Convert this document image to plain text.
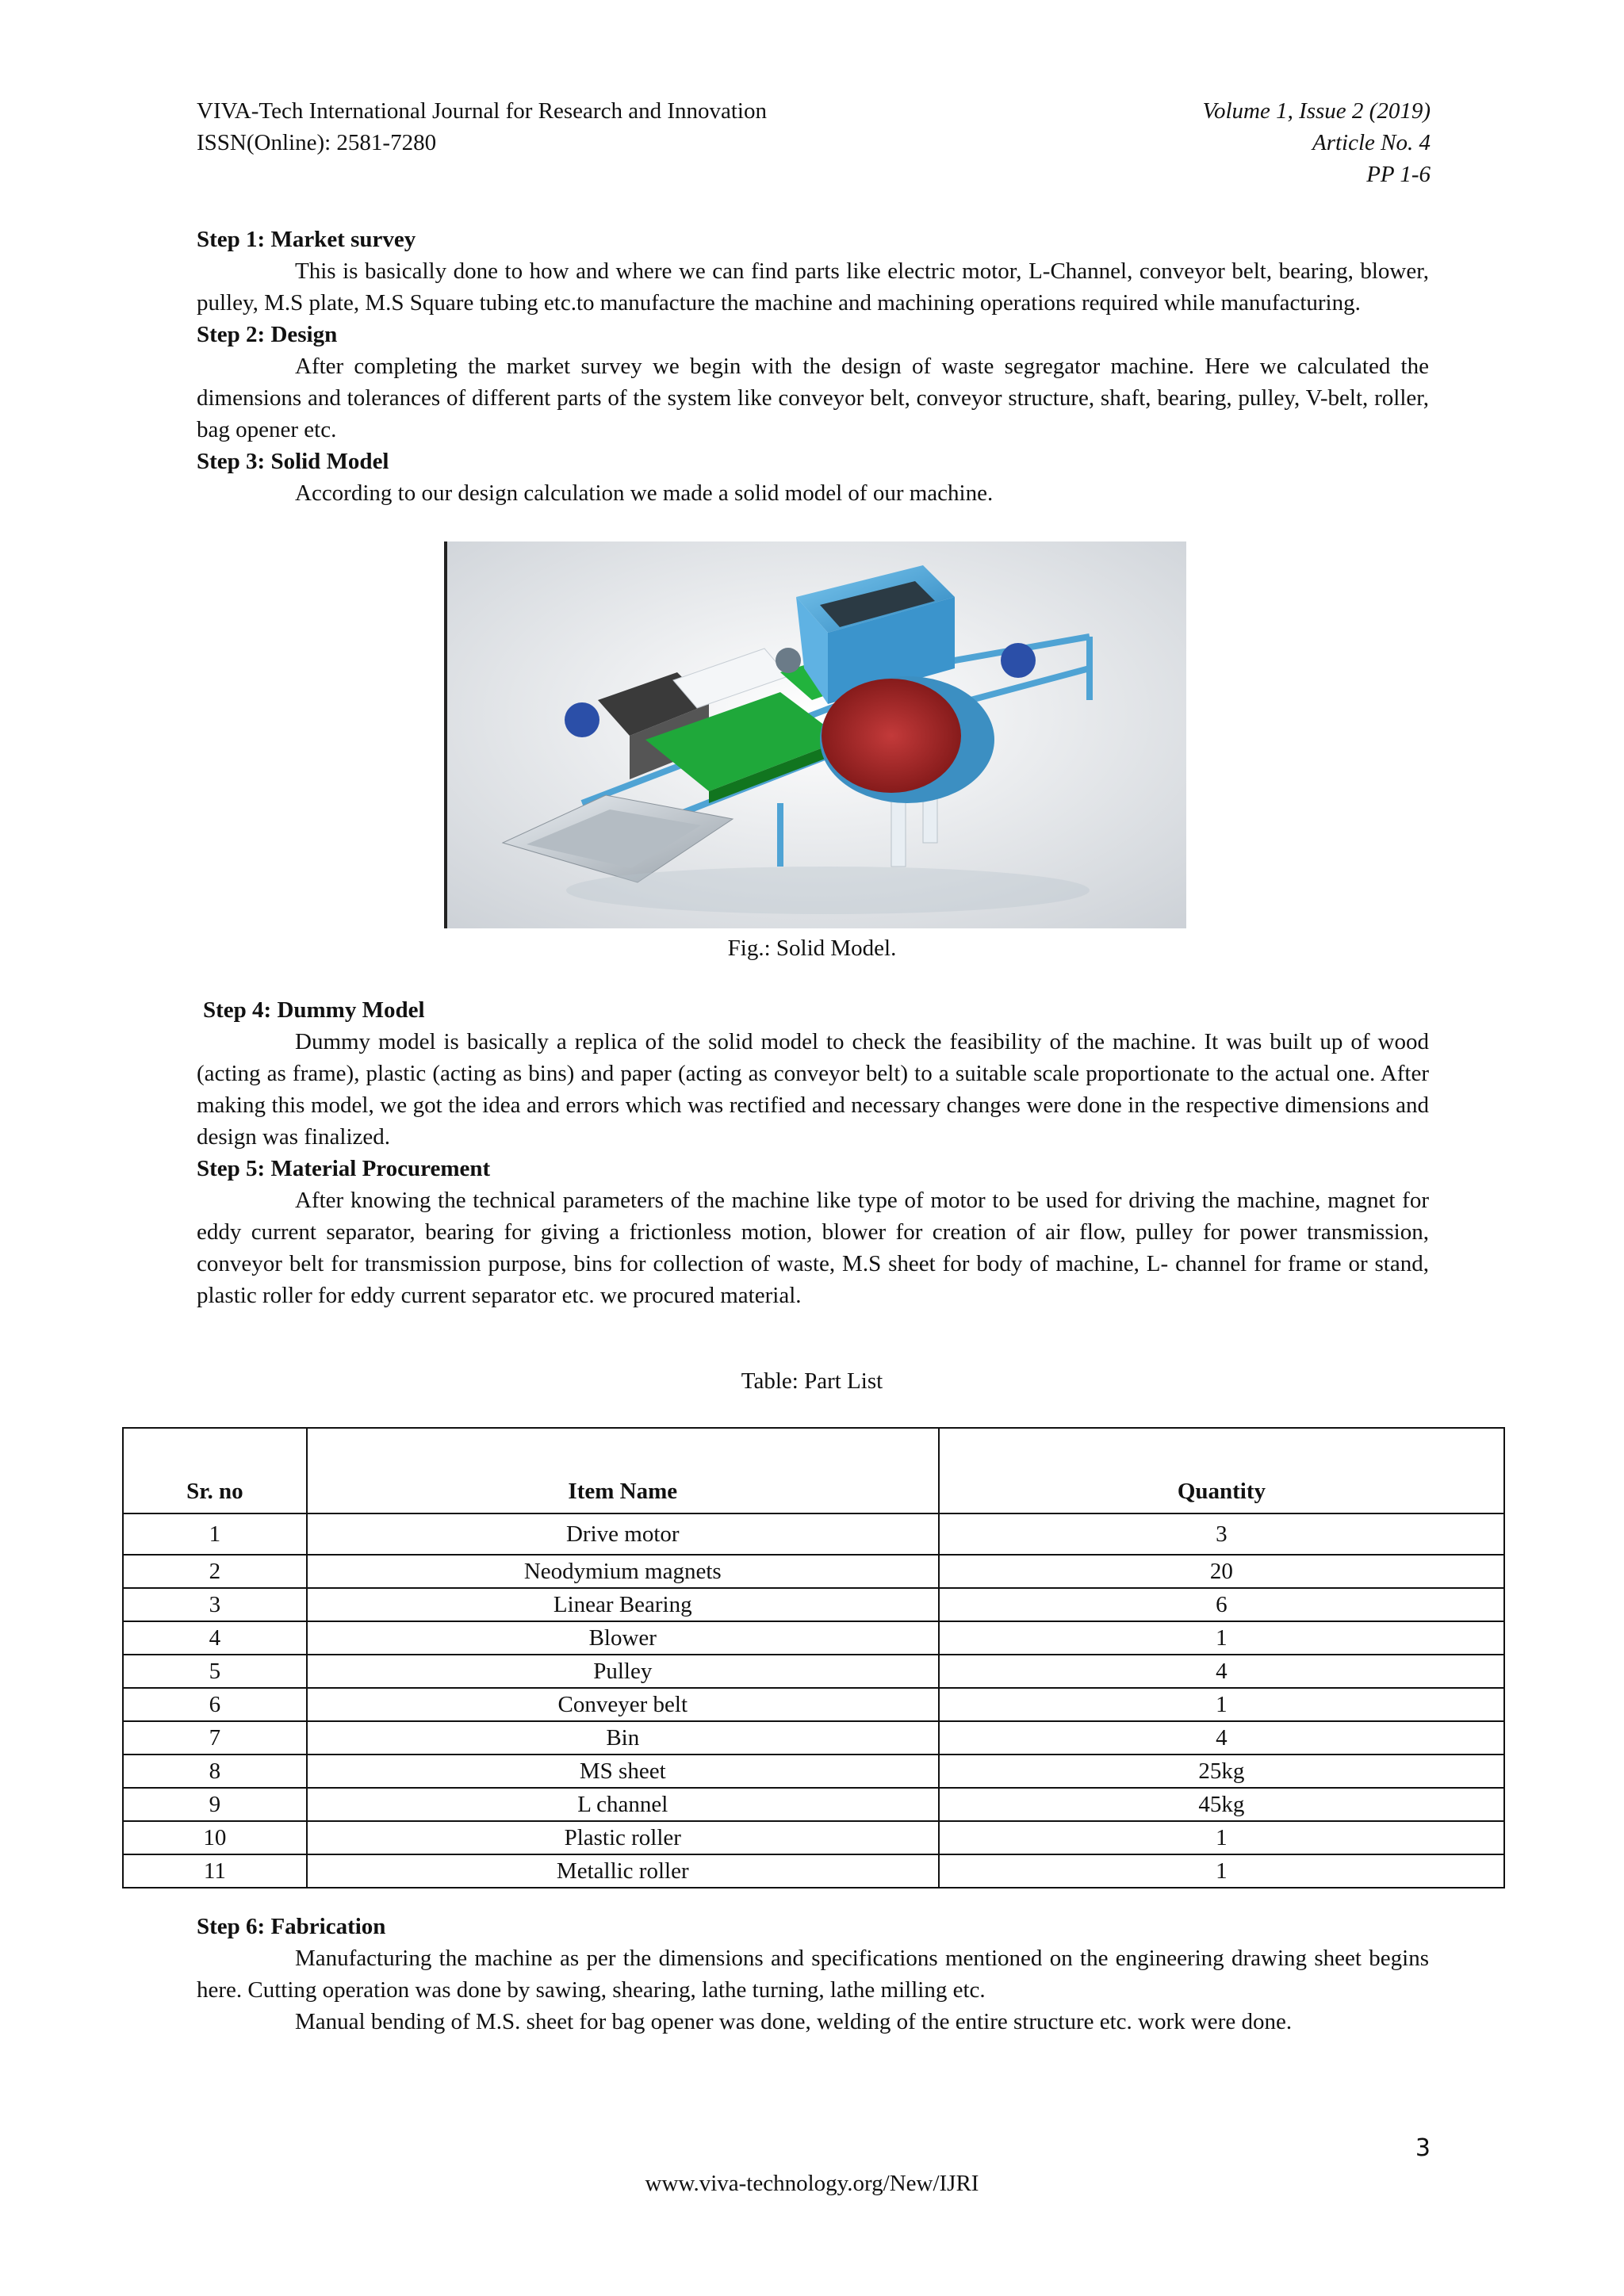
VIVA-Tech International Journal for Research and Innovation
ISSN(Online): 2581-7280
Volume 1, Issue 2 (2019)
Article No. 4
PP 1-6
Step 1: Market survey

This is basically done to how and where we can find parts like electric motor, L-Channel, conveyor belt, bearing, blower, pulley, M.S plate, M.S Square tubing etc.to manufacture the machine and machining operations required while manufacturing.

Step 2: Design

After completing the market survey we begin with the design of waste segregator machine. Here we calculated the dimensions and tolerances of different parts of the system like conveyor belt, conveyor structure, shaft, bearing, pulley, V-belt, roller, bag opener etc.

Step 3: Solid Model

According to our design calculation we made a solid model of our machine.

Fig.: Solid Model.
Step 4: Dummy Model

Dummy model is basically a replica of the solid model to check the feasibility of the machine. It was built up of wood (acting as frame), plastic (acting as bins) and paper (acting as conveyor belt) to a suitable scale proportionate to the actual one. After making this model, we got the idea and errors which was rectified and necessary changes were done in the respective dimensions and design was finalized.

Step 5: Material Procurement

After knowing the technical parameters of the machine like type of motor to be used for driving the machine, magnet for eddy current separator, bearing for giving a frictionless motion, blower for creation of air flow, pulley for power transmission, conveyor belt for transmission purpose, bins for collection of waste, M.S sheet for body of machine, L- channel for frame or stand, plastic roller for eddy current separator etc. we procured material.

Table: Part List
Sr. no	Item Name	Quantity
1	Drive motor	3
2	Neodymium magnets	20
3	Linear Bearing	6
4	Blower	1
5	Pulley	4
6	Conveyer belt	1
7	Bin	4
8	MS sheet	25kg
9	L channel	45kg
10	Plastic roller	1
11	Metallic roller	1
Step 6: Fabrication

Manufacturing the machine as per the dimensions and specifications mentioned on the engineering drawing sheet begins here. Cutting operation was done by sawing, shearing, lathe turning, lathe milling etc.

Manual bending of M.S. sheet for bag opener was done, welding of the entire structure etc. work were done.

3
www.viva-technology.org/New/IJRI
